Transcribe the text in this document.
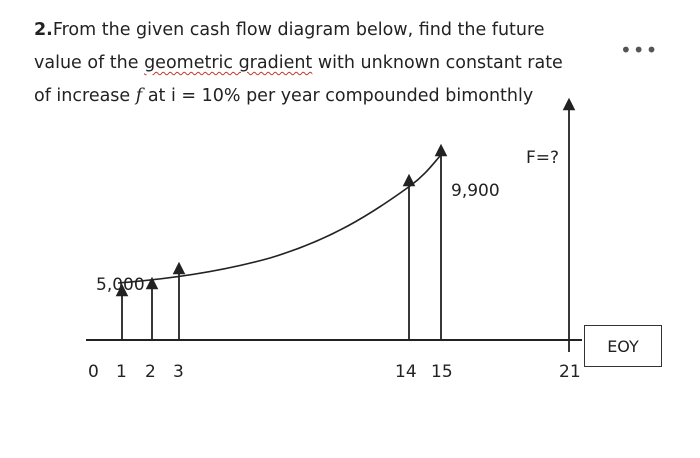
2.From the given cash flow diagram below, find the future
value of the geometric gradient with unknown constant rate
of increase f at i = 10% per year compounded bimonthly
•••
5,000
9,900
F=?
0 1 2 3	14 15	21
EOY
